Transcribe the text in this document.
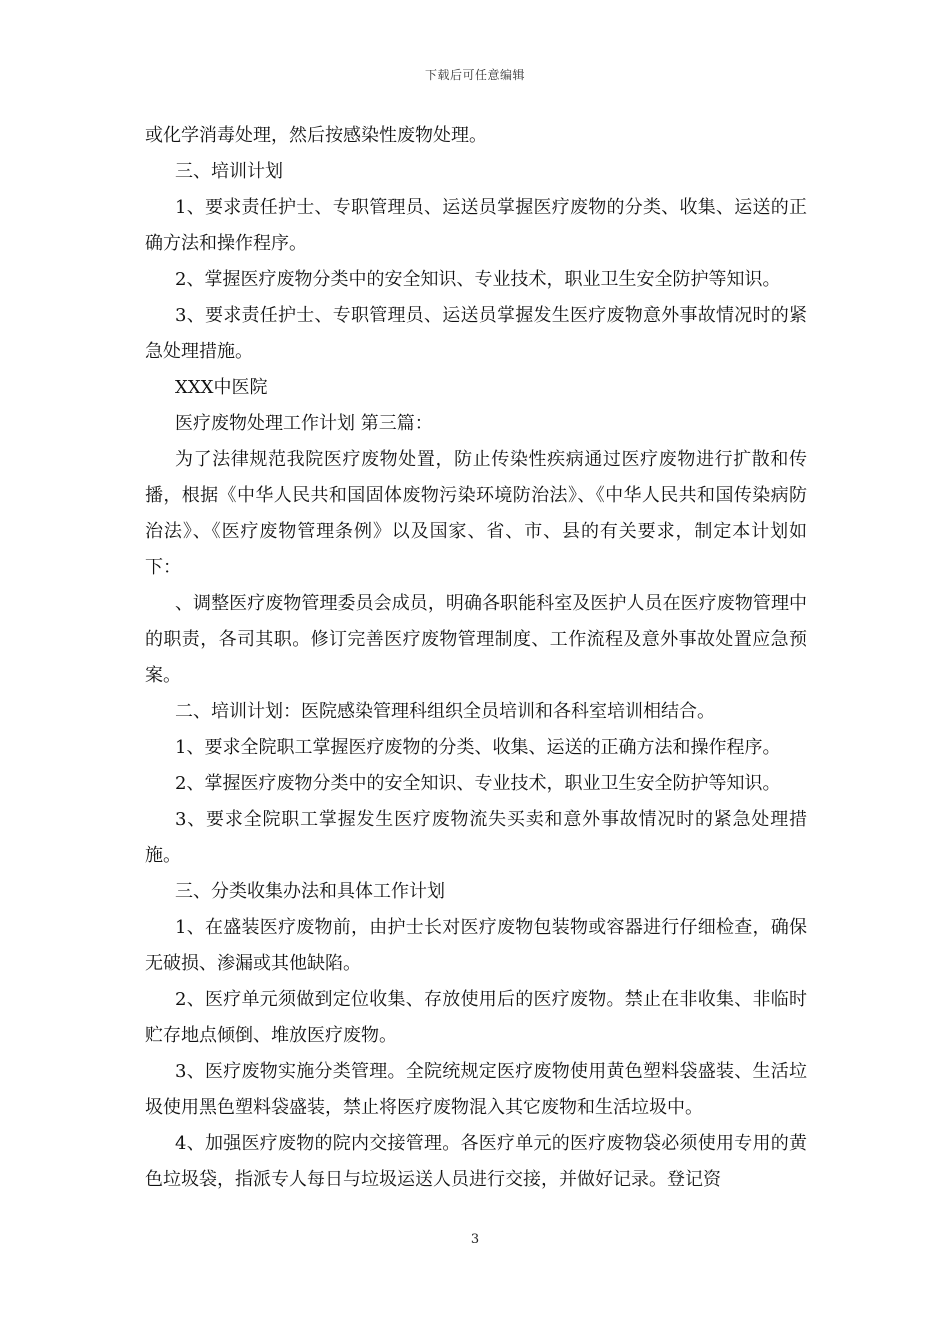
下载后可任意编辑

或化学消毒处理，然后按感染性废物处理。

三、培训计划

1、要求责任护士、专职管理员、运送员掌握医疗废物的分类、收集、运送的正确方法和操作程序。

2、掌握医疗废物分类中的安全知识、专业技术，职业卫生安全防护等知识。

3、要求责任护士、专职管理员、运送员掌握发生医疗废物意外事故情况时的紧急处理措施。

XXX中医院

医疗废物处理工作计划 第三篇：

为了法律规范我院医疗废物处置，防止传染性疾病通过医疗废物进行扩散和传播，根据《中华人民共和国固体废物污染环境防治法》、《中华人民共和国传染病防治法》、《医疗废物管理条例》以及国家、省、市、县的有关要求，制定本计划如下：

、调整医疗废物管理委员会成员，明确各职能科室及医护人员在医疗废物管理中的职责，各司其职。修订完善医疗废物管理制度、工作流程及意外事故处置应急预案。

二、培训计划：医院感染管理科组织全员培训和各科室培训相结合。

1、要求全院职工掌握医疗废物的分类、收集、运送的正确方法和操作程序。

2、掌握医疗废物分类中的安全知识、专业技术，职业卫生安全防护等知识。

3、要求全院职工掌握发生医疗废物流失买卖和意外事故情况时的紧急处理措施。

三、分类收集办法和具体工作计划

1、在盛装医疗废物前，由护士长对医疗废物包装物或容器进行仔细检查，确保无破损、渗漏或其他缺陷。

2、医疗单元须做到定位收集、存放使用后的医疗废物。禁止在非收集、非临时贮存地点倾倒、堆放医疗废物。

3、医疗废物实施分类管理。全院统规定医疗废物使用黄色塑料袋盛装、生活垃圾使用黑色塑料袋盛装，禁止将医疗废物混入其它废物和生活垃圾中。

4、加强医疗废物的院内交接管理。各医疗单元的医疗废物袋必须使用专用的黄色垃圾袋，指派专人每日与垃圾运送人员进行交接，并做好记录。登记资

3
